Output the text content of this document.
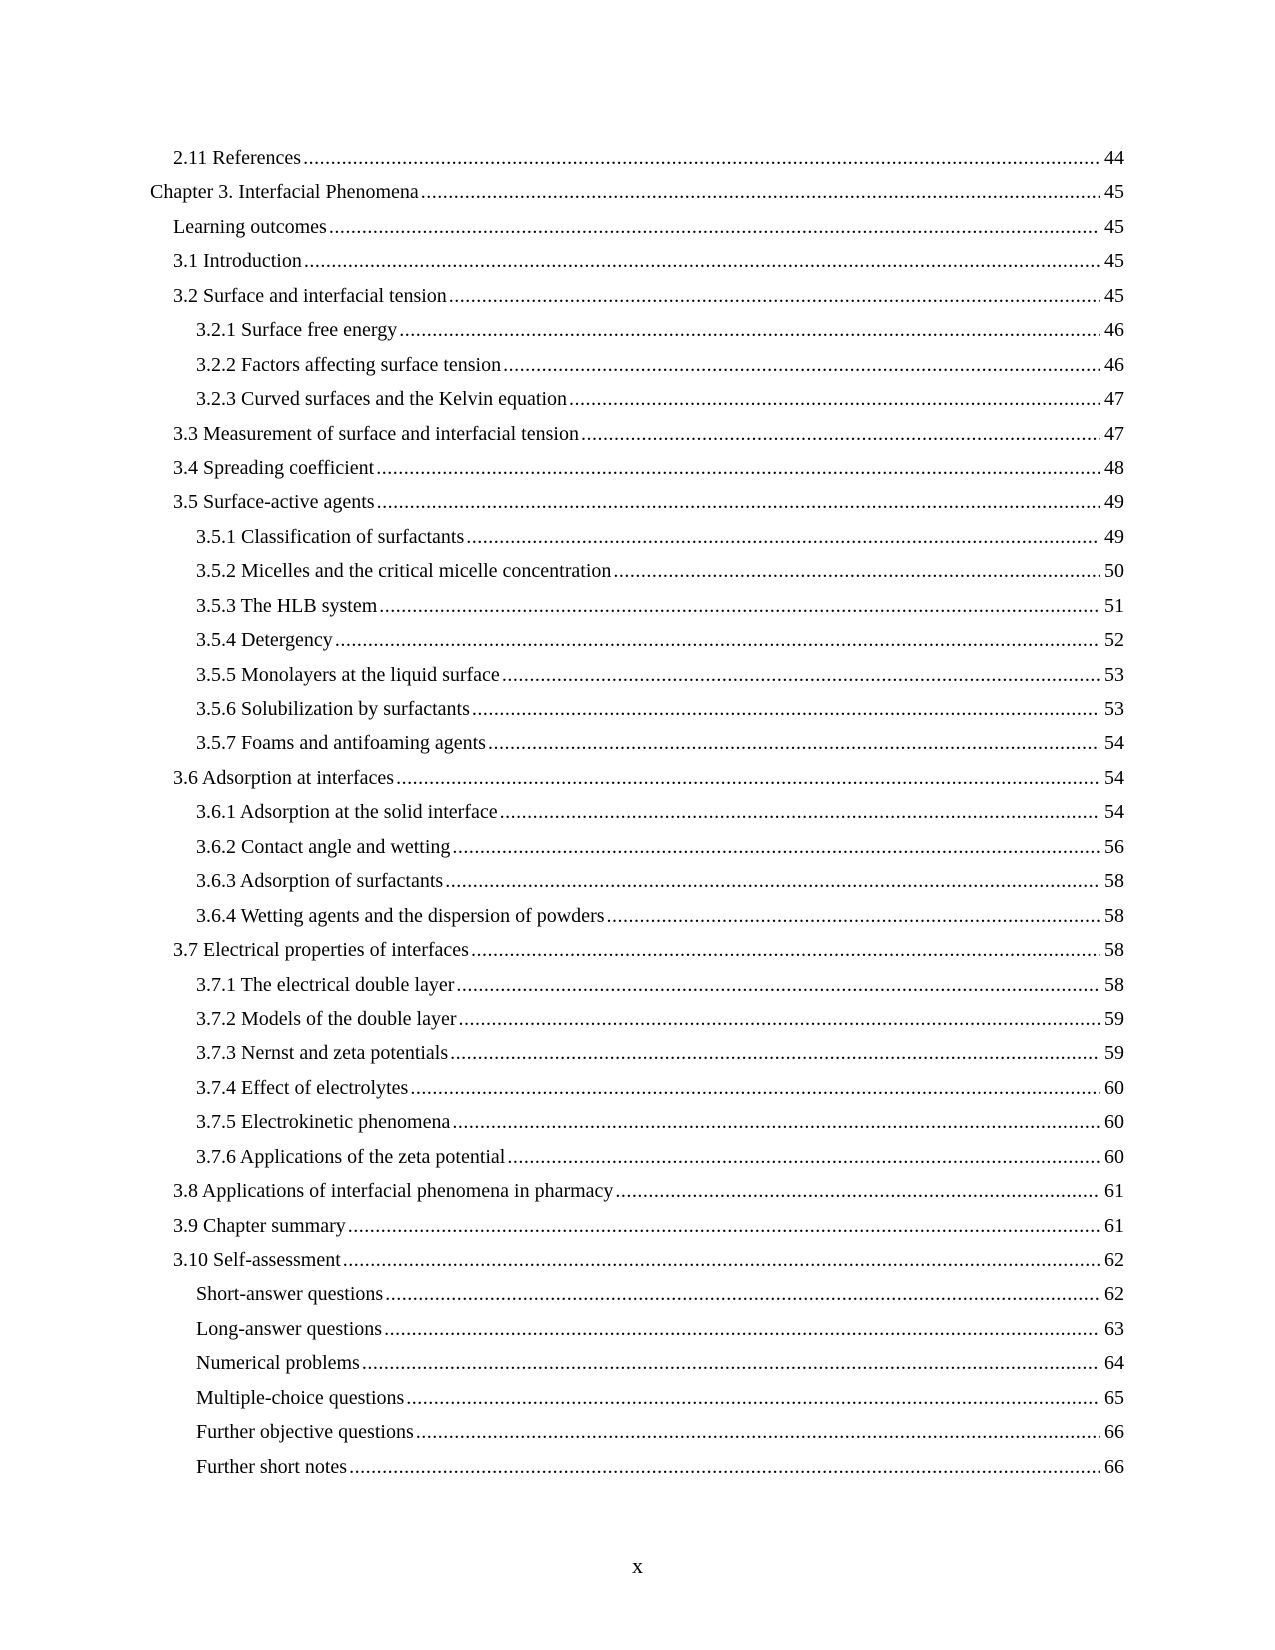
2.11 References .....	44
Chapter 3. Interfacial Phenomena .....	45
Learning outcomes .....	45
3.1 Introduction .....	45
3.2 Surface and interfacial tension .....	45
3.2.1 Surface free energy .....	46
3.2.2 Factors affecting surface tension .....	46
3.2.3 Curved surfaces and the Kelvin equation .....	47
3.3 Measurement of surface and interfacial tension .....	47
3.4 Spreading coefficient .....	48
3.5 Surface-active agents .....	49
3.5.1 Classification of surfactants .....	49
3.5.2 Micelles and the critical micelle concentration .....	50
3.5.3 The HLB system .....	51
3.5.4 Detergency .....	52
3.5.5 Monolayers at the liquid surface .....	53
3.5.6 Solubilization by surfactants .....	53
3.5.7 Foams and antifoaming agents .....	54
3.6 Adsorption at interfaces .....	54
3.6.1 Adsorption at the solid interface .....	54
3.6.2 Contact angle and wetting .....	56
3.6.3 Adsorption of surfactants .....	58
3.6.4 Wetting agents and the dispersion of powders .....	58
3.7 Electrical properties of interfaces .....	58
3.7.1 The electrical double layer .....	58
3.7.2 Models of the double layer .....	59
3.7.3 Nernst and zeta potentials .....	59
3.7.4 Effect of electrolytes .....	60
3.7.5 Electrokinetic phenomena .....	60
3.7.6 Applications of the zeta potential .....	60
3.8 Applications of interfacial phenomena in pharmacy .....	61
3.9 Chapter summary .....	61
3.10 Self-assessment .....	62
Short-answer questions .....	62
Long-answer questions .....	63
Numerical problems .....	64
Multiple-choice questions .....	65
Further objective questions .....	66
Further short notes .....	66
x
